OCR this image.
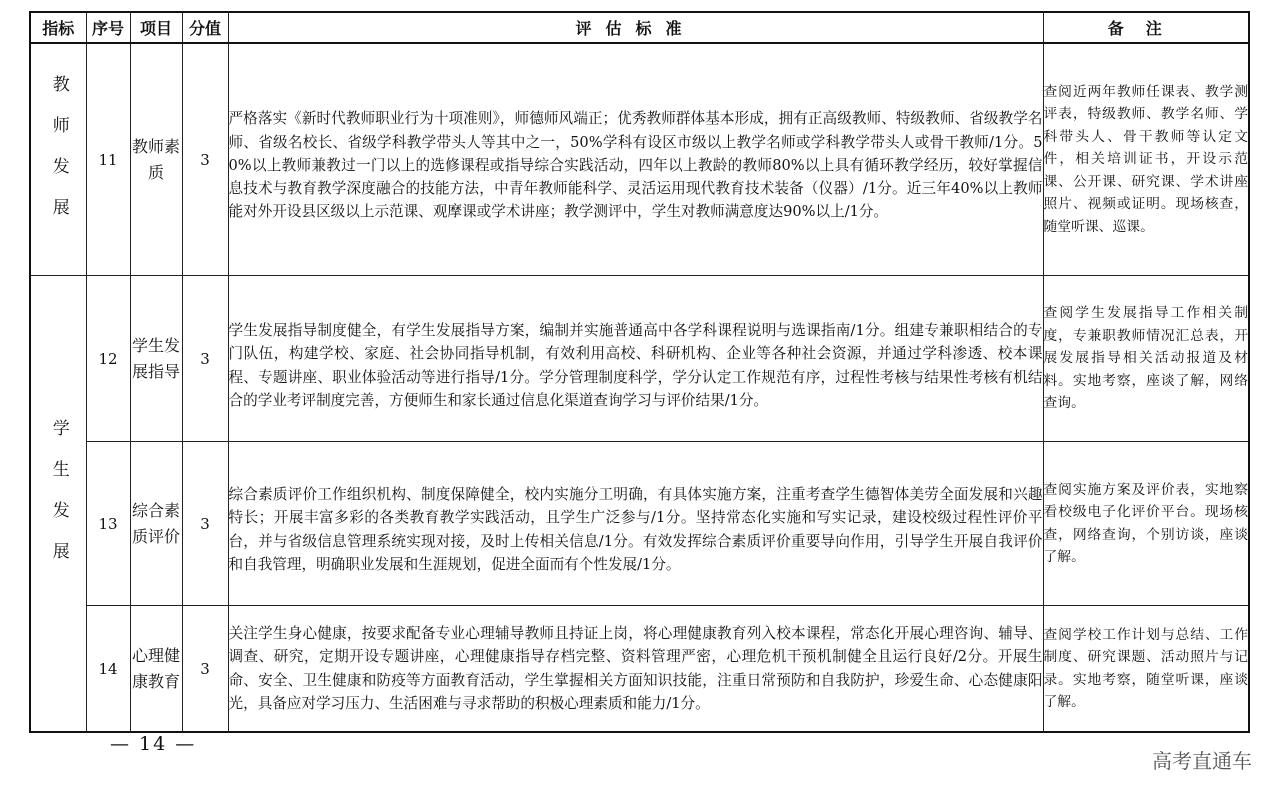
指标	序号	项目	分值	评估标准	备注
教师发展	11	教师素质	3	严格落实《新时代教师职业行为十项准则》，师德师风端正；优秀教师群体基本形成，拥有正高级教师、特级教师、省级教学名师、省级名校长、省级学科教学带头人等其中之一，50%学科有设区市级以上教学名师或学科教学带头人或骨干教师/1分。50%以上教师兼教过一门以上的选修课程或指导综合实践活动，四年以上教龄的教师80%以上具有循环教学经历，较好掌握信息技术与教育教学深度融合的技能方法，中青年教师能科学、灵活运用现代教育技术装备（仪器）/1分。近三年40%以上教师能对外开设县区级以上示范课、观摩课或学术讲座；教学测评中，学生对教师满意度达90%以上/1分。	查阅近两年教师任课表、教学测评表，特级教师、教学名师、学科带头人、骨干教师等认定文件，相关培训证书，开设示范课、公开课、研究课、学术讲座照片、视频或证明。现场核查，随堂听课、巡课。
学生发展	12	学生发展指导	3	学生发展指导制度健全，有学生发展指导方案，编制并实施普通高中各学科课程说明与选课指南/1分。组建专兼职相结合的专门队伍，构建学校、家庭、社会协同指导机制，有效利用高校、科研机构、企业等各种社会资源，并通过学科渗透、校本课程、专题讲座、职业体验活动等进行指导/1分。学分管理制度科学，学分认定工作规范有序，过程性考核与结果性考核有机结合的学业考评制度完善，方便师生和家长通过信息化渠道查询学习与评价结果/1分。	查阅学生发展指导工作相关制度，专兼职教师情况汇总表，开展发展指导相关活动报道及材料。实地考察，座谈了解，网络查询。
	13	综合素质评价	3	综合素质评价工作组织机构、制度保障健全，校内实施分工明确，有具体实施方案，注重考查学生德智体美劳全面发展和兴趣特长；开展丰富多彩的各类教育教学实践活动，且学生广泛参与/1分。坚持常态化实施和写实记录，建设校级过程性评价平台，并与省级信息管理系统实现对接，及时上传相关信息/1分。有效发挥综合素质评价重要导向作用，引导学生开展自我评价和自我管理，明确职业发展和生涯规划，促进全面而有个性发展/1分。	查阅实施方案及评价表，实地察看校级电子化评价平台。现场核查，网络查询，个别访谈，座谈了解。
	14	心理健康教育	3	关注学生身心健康，按要求配备专业心理辅导教师且持证上岗，将心理健康教育列入校本课程，常态化开展心理咨询、辅导、调查、研究，定期开设专题讲座，心理健康指导存档完整、资料管理严密，心理危机干预机制健全且运行良好/2分。开展生命、安全、卫生健康和防疫等方面教育活动，学生掌握相关方面知识技能，注重日常预防和自我防护，珍爱生命、心态健康阳光，具备应对学习压力、生活困难与寻求帮助的积极心理素质和能力/1分。	查阅学校工作计划与总结、工作制度、研究课题、活动照片与记录。实地考察，随堂听课，座谈了解。
— 14 —
高考直通车
